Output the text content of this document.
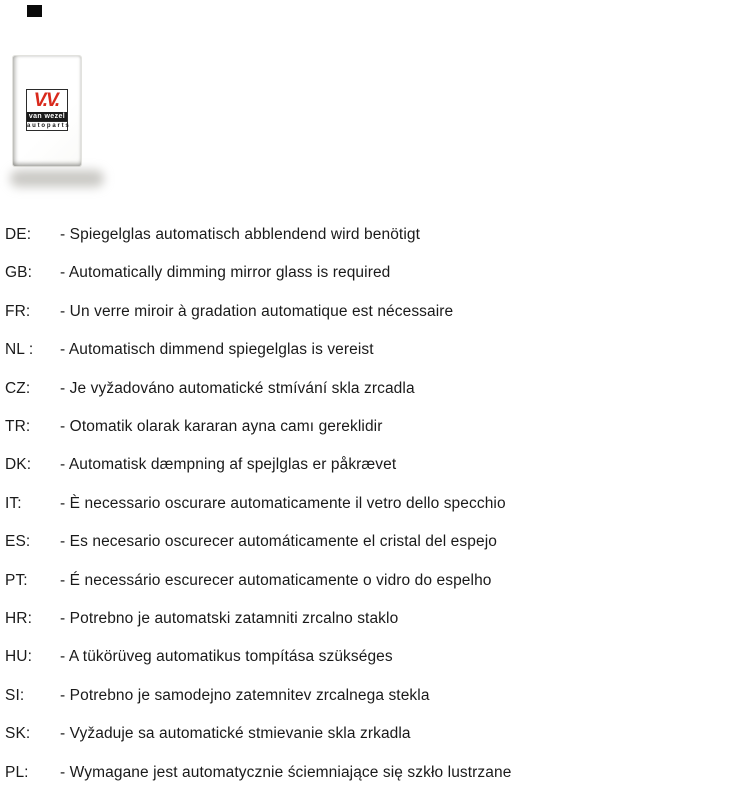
V.V.
van wezel
autoparts
DE: - Spiegelglas automatisch abblendend wird benötigt
GB: - Automatically dimming mirror glass is required
FR: - Un verre miroir à gradation automatique est nécessaire
NL : - Automatisch dimmend spiegelglas is vereist
CZ: - Je vyžadováno automatické stmívání skla zrcadla
TR: - Otomatik olarak kararan ayna camı gereklidir
DK: - Automatisk dæmpning af spejlglas er påkrævet
IT: - È necessario oscurare automaticamente il vetro dello specchio
ES: - Es necesario oscurecer automáticamente el cristal del espejo
PT: - É necessário escurecer automaticamente o vidro do espelho
HR: - Potrebno je automatski zatamniti zrcalno staklo
HU: - A tükörüveg automatikus tompítása szükséges
SI: - Potrebno je samodejno zatemnitev zrcalnega stekla
SK: - Vyžaduje sa automatické stmievanie skla zrkadla
PL: - Wymagane jest automatycznie ściemniające się szkło lustrzane
